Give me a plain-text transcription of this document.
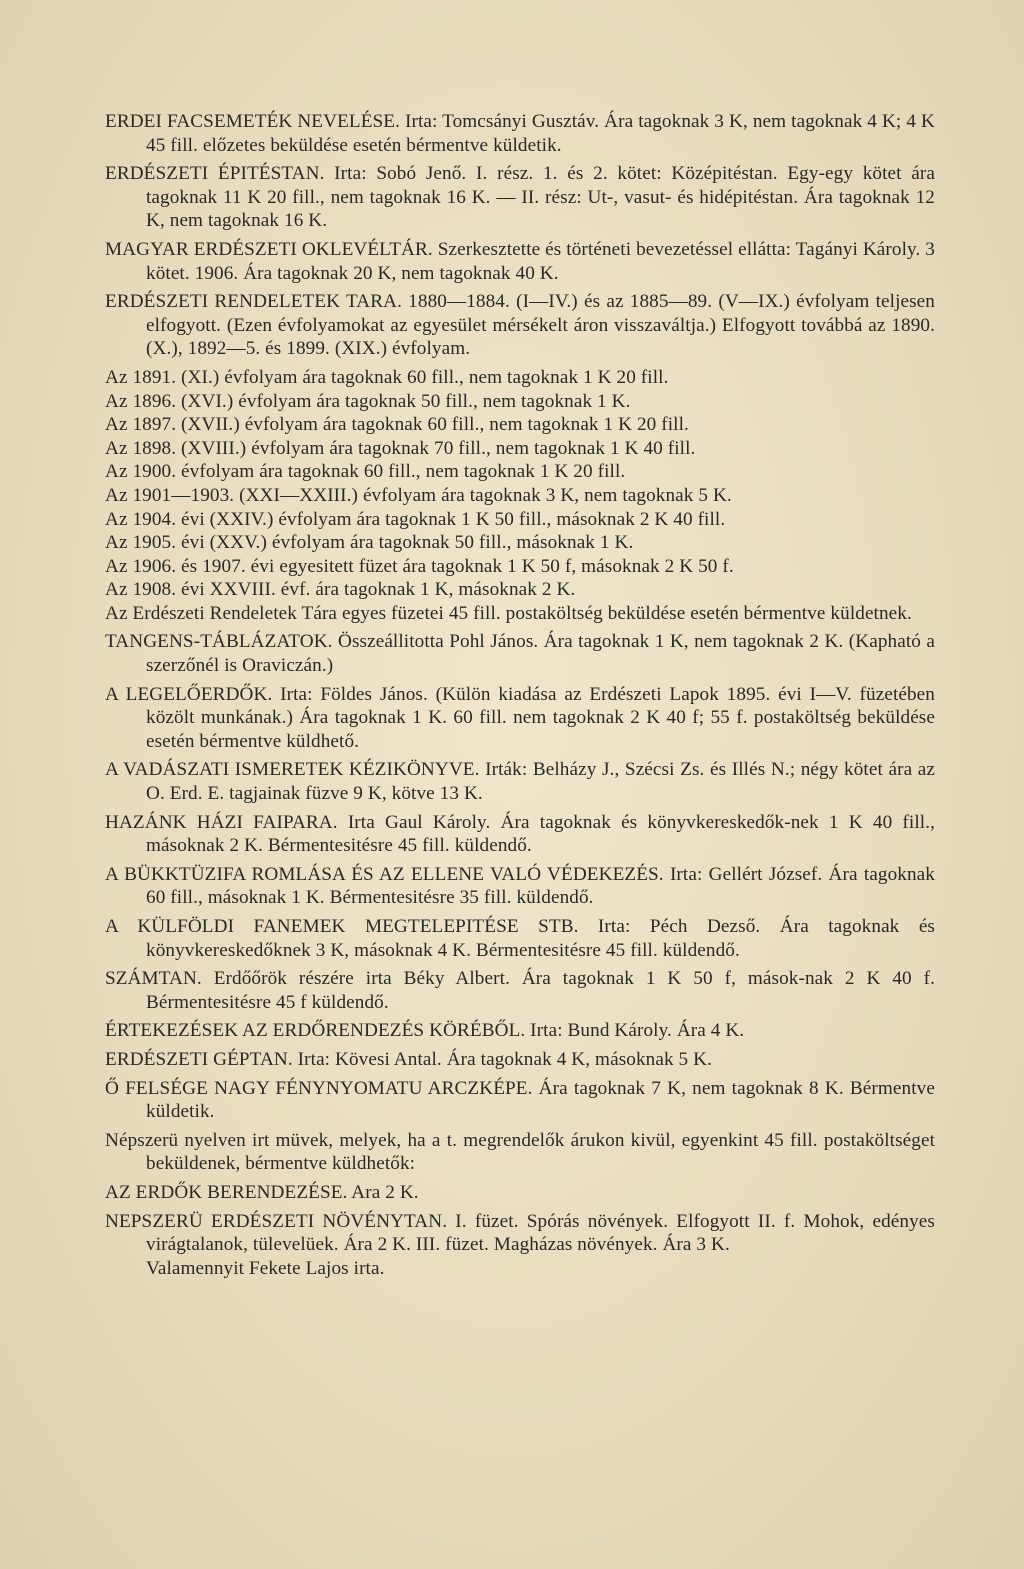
ERDEI FACSEMETÉK NEVELÉSE. Irta: Tomcsányi Gusztáv. Ára tagoknak 3 K, nem tagoknak 4 K; 4 K 45 fill. előzetes beküldése esetén bérmentve küldetik.

ERDÉSZETI ÉPITÉSTAN. Irta: Sobó Jenő. I. rész. 1. és 2. kötet: Középitéstan. Egy-egy kötet ára tagoknak 11 K 20 fill., nem tagoknak 16 K. — II. rész: Ut-, vasut- és hidépitéstan. Ára tagoknak 12 K, nem tagoknak 16 K.

MAGYAR ERDÉSZETI OKLEVÉLTÁR. Szerkesztette és történeti bevezetéssel ellátta: Tagányi Károly. 3 kötet. 1906. Ára tagoknak 20 K, nem tagoknak 40 K.

ERDÉSZETI RENDELETEK TARA. 1880—1884. (I—IV.) és az 1885—89. (V—IX.) évfolyam teljesen elfogyott. (Ezen évfolyamokat az egyesület mérsékelt áron visszaváltja.) Elfogyott továbbá az 1890. (X.), 1892—5. és 1899. (XIX.) évfolyam.

Az 1891. (XI.) évfolyam ára tagoknak 60 fill., nem tagoknak 1 K 20 fill.

Az 1896. (XVI.) évfolyam ára tagoknak 50 fill., nem tagoknak 1 K.

Az 1897. (XVII.) évfolyam ára tagoknak 60 fill., nem tagoknak 1 K 20 fill.

Az 1898. (XVIII.) évfolyam ára tagoknak 70 fill., nem tagoknak 1 K 40 fill.

Az 1900. évfolyam ára tagoknak 60 fill., nem tagoknak 1 K 20 fill.

Az 1901—1903. (XXI—XXIII.) évfolyam ára tagoknak 3 K, nem tagoknak 5 K.

Az 1904. évi (XXIV.) évfolyam ára tagoknak 1 K 50 fill., másoknak 2 K 40 fill.

Az 1905. évi (XXV.) évfolyam ára tagoknak 50 fill., másoknak 1 K.

Az 1906. és 1907. évi egyesitett füzet ára tagoknak 1 K 50 f, másoknak 2 K 50 f.

Az 1908. évi XXVIII. évf. ára tagoknak 1 K, másoknak 2 K.

Az Erdészeti Rendeletek Tára egyes füzetei 45 fill. postaköltség beküldése esetén bérmentve küldetnek.

TANGENS-TÁBLÁZATOK. Összeállitotta Pohl János. Ára tagoknak 1 K, nem tagoknak 2 K. (Kapható a szerzőnél is Oraviczán.)

A LEGELŐERDŐK. Irta: Földes János. (Külön kiadása az Erdészeti Lapok 1895. évi I—V. füzetében közölt munkának.) Ára tagoknak 1 K. 60 fill. nem tagoknak 2 K 40 f; 55 f. postaköltség beküldése esetén bérmentve küldhető.

A VADÁSZATI ISMERETEK KÉZIKÖNYVE. Irták: Belházy J., Szécsi Zs. és Illés N.; négy kötet ára az O. Erd. E. tagjainak füzve 9 K, kötve 13 K.

HAZÁNK HÁZI FAIPARA. Irta Gaul Károly. Ára tagoknak és könyvkereskedők-nek 1 K 40 fill., másoknak 2 K. Bérmentesitésre 45 fill. küldendő.

A BÜKKTÜZIFA ROMLÁSA ÉS AZ ELLENE VALÓ VÉDEKEZÉS. Irta: Gellért József. Ára tagoknak 60 fill., másoknak 1 K. Bérmentesitésre 35 fill. küldendő.

A KÜLFÖLDI FANEMEK MEGTELEPITÉSE STB. Irta: Péch Dezső. Ára tagoknak és könyvkereskedőknek 3 K, másoknak 4 K. Bérmentesitésre 45 fill. küldendő.

SZÁMTAN. Erdőőrök részére irta Béky Albert. Ára tagoknak 1 K 50 f, mások-nak 2 K 40 f. Bérmentesitésre 45 f küldendő.

ÉRTEKEZÉSEK AZ ERDŐRENDEZÉS KÖRÉBŐL. Irta: Bund Károly. Ára 4 K.

ERDÉSZETI GÉPTAN. Irta: Kövesi Antal. Ára tagoknak 4 K, másoknak 5 K.

Ő FELSÉGE NAGY FÉNYNYOMATU ARCZKÉPE. Ára tagoknak 7 K, nem tagoknak 8 K. Bérmentve küldetik.

Népszerü nyelven irt müvek, melyek, ha a t. megrendelők árukon kivül, egyenkint 45 fill. postaköltséget beküldenek, bérmentve küldhetők:

AZ ERDŐK BERENDEZÉSE. Ara 2 K.

NEPSZERÜ ERDÉSZETI NÖVÉNYTAN. I. füzet. Spórás növények. Elfogyott II. f. Mohok, edényes virágtalanok, tülevelüek. Ára 2 K. III. füzet. Magházas növények. Ára 3 K.

Valamennyit Fekete Lajos irta.
